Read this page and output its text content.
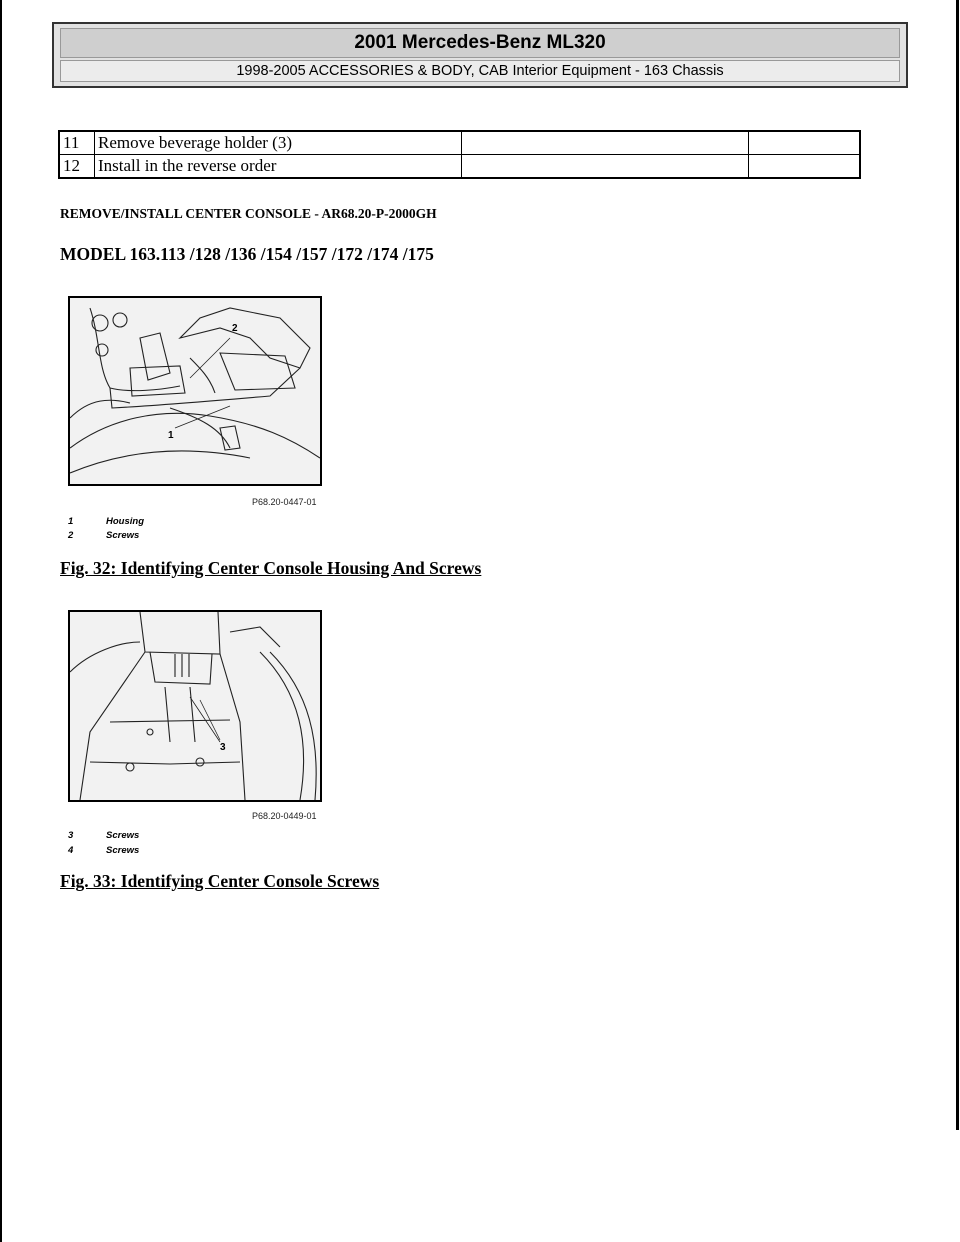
2001 Mercedes-Benz ML320
1998-2005 ACCESSORIES & BODY, CAB Interior Equipment - 163 Chassis
11	Remove beverage holder (3)		
12	Install in the reverse order		
REMOVE/INSTALL CENTER CONSOLE - AR68.20-P-2000GH
MODEL 163.113 /128 /136 /154 /157 /172 /174 /175
2
1
P68.20-0447-01
1	Housing
2	Screws
Fig. 32: Identifying Center Console Housing And Screws
3
P68.20-0449-01
3	Screws
4	Screws
Fig. 33: Identifying Center Console Screws
